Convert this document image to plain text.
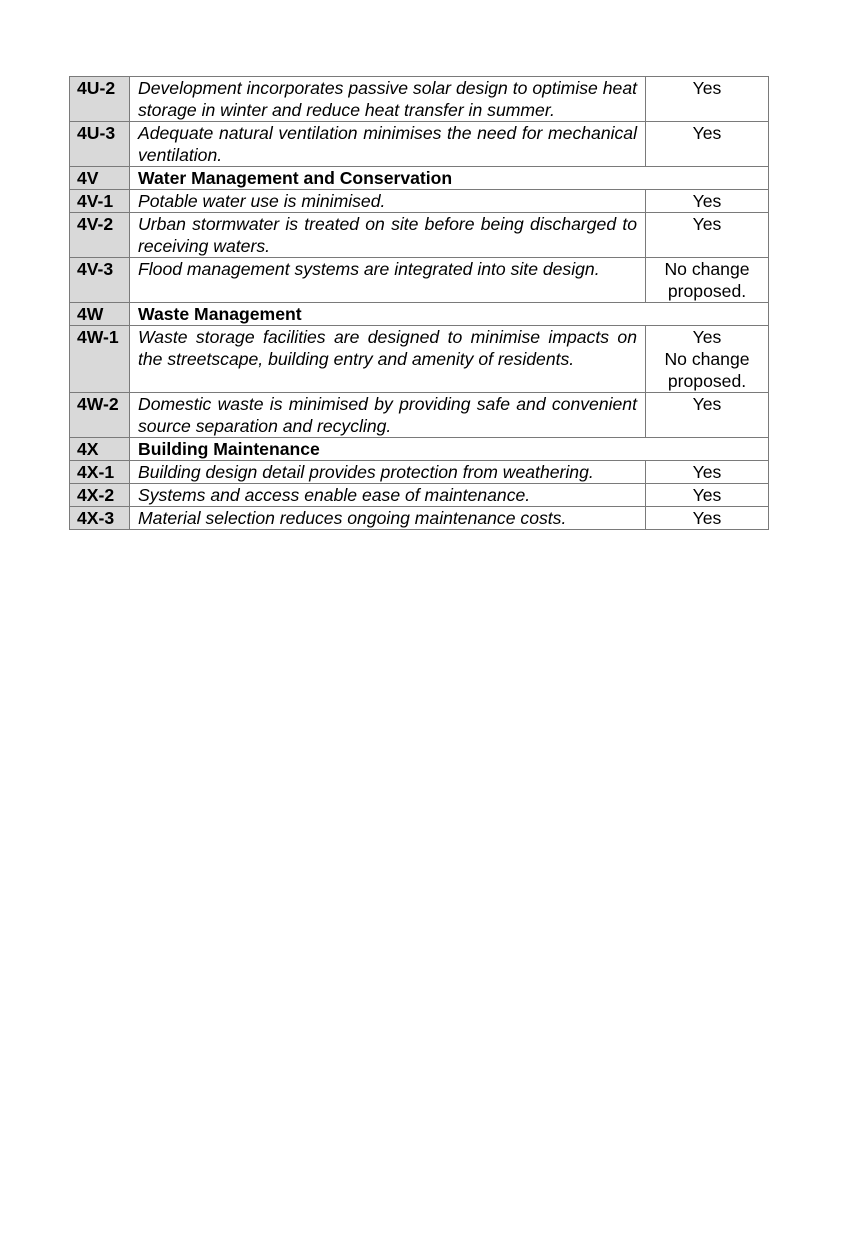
4U-2	Development incorporates passive solar design to optimise heat storage in winter and reduce heat transfer in summer.	Yes

4U-3	Adequate natural ventilation minimises the need for mechanical ventilation.	Yes

4V	Water Management and Conservation	
4V-1	Potable water use is minimised.	Yes

4V-2	Urban stormwater is treated on site before being discharged to receiving waters.	Yes

4V-3	Flood management systems are integrated into site design.	No change proposed.

4W	Waste Management	
4W-1	Waste storage facilities are designed to minimise impacts on the streetscape, building entry and amenity of residents.	Yes
No change proposed.

4W-2	Domestic waste is minimised by providing safe and convenient source separation and recycling.	Yes

4X	Building Maintenance	
4X-1	Building design detail provides protection from weathering.	Yes

4X-2	Systems and access enable ease of maintenance.	Yes

4X-3	Material selection reduces ongoing maintenance costs.	Yes
